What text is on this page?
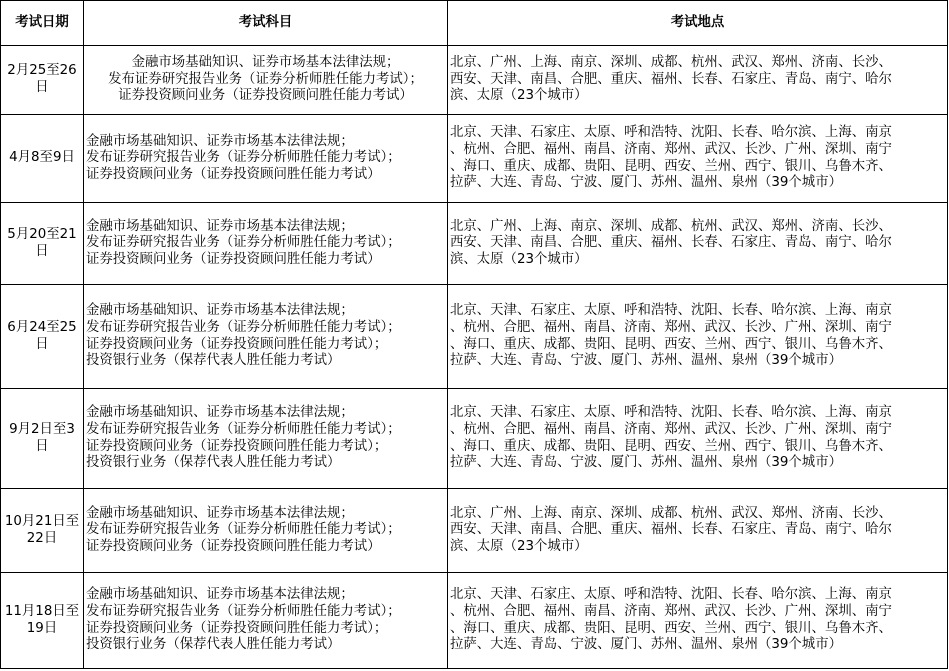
考试日期	考试科目	考试地点
2月25至26日	金融市场基础知识、证券市场基本法律法规；
发布证券研究报告业务（证券分析师胜任能力考试）；
证券投资顾问业务（证券投资顾问胜任能力考试）	北京、广州、上海、南京、深圳、成都、杭州、武汉、郑州、济南、长沙、
西安、天津、南昌、合肥、重庆、福州、长春、石家庄、青岛、南宁、哈尔
滨、太原（23个城市）

4月8至9日	金融市场基础知识、证券市场基本法律法规；
发布证券研究报告业务（证券分析师胜任能力考试）；
证券投资顾问业务（证券投资顾问胜任能力考试）	北京、天津、石家庄、太原、呼和浩特、沈阳、长春、哈尔滨、上海、南京
、杭州、合肥、福州、南昌、济南、郑州、武汉、长沙、广州、深圳、南宁
、海口、重庆、成都、贵阳、昆明、西安、兰州、西宁、银川、乌鲁木齐、
拉萨、大连、青岛、宁波、厦门、苏州、温州、泉州（39个城市）

5月20至21日	金融市场基础知识、证券市场基本法律法规；
发布证券研究报告业务（证券分析师胜任能力考试）；
证券投资顾问业务（证券投资顾问胜任能力考试）	北京、广州、上海、南京、深圳、成都、杭州、武汉、郑州、济南、长沙、
西安、天津、南昌、合肥、重庆、福州、长春、石家庄、青岛、南宁、哈尔
滨、太原（23个城市）

6月24至25日	金融市场基础知识、证券市场基本法律法规；
发布证券研究报告业务（证券分析师胜任能力考试）；
证券投资顾问业务（证券投资顾问胜任能力考试）；
投资银行业务（保荐代表人胜任能力考试）	北京、天津、石家庄、太原、呼和浩特、沈阳、长春、哈尔滨、上海、南京
、杭州、合肥、福州、南昌、济南、郑州、武汉、长沙、广州、深圳、南宁
、海口、重庆、成都、贵阳、昆明、西安、兰州、西宁、银川、乌鲁木齐、
拉萨、大连、青岛、宁波、厦门、苏州、温州、泉州（39个城市）

9月2日至3日	金融市场基础知识、证券市场基本法律法规；
发布证券研究报告业务（证券分析师胜任能力考试）；
证券投资顾问业务（证券投资顾问胜任能力考试）；
投资银行业务（保荐代表人胜任能力考试）	北京、天津、石家庄、太原、呼和浩特、沈阳、长春、哈尔滨、上海、南京
、杭州、合肥、福州、南昌、济南、郑州、武汉、长沙、广州、深圳、南宁
、海口、重庆、成都、贵阳、昆明、西安、兰州、西宁、银川、乌鲁木齐、
拉萨、大连、青岛、宁波、厦门、苏州、温州、泉州（39个城市）

10月21日至22日	金融市场基础知识、证券市场基本法律法规；
发布证券研究报告业务（证券分析师胜任能力考试）；
证券投资顾问业务（证券投资顾问胜任能力考试）	北京、广州、上海、南京、深圳、成都、杭州、武汉、郑州、济南、长沙、
西安、天津、南昌、合肥、重庆、福州、长春、石家庄、青岛、南宁、哈尔
滨、太原（23个城市）

11月18日至19日	金融市场基础知识、证券市场基本法律法规；
发布证券研究报告业务（证券分析师胜任能力考试）；
证券投资顾问业务（证券投资顾问胜任能力考试）；
投资银行业务（保荐代表人胜任能力考试）	北京、天津、石家庄、太原、呼和浩特、沈阳、长春、哈尔滨、上海、南京
、杭州、合肥、福州、南昌、济南、郑州、武汉、长沙、广州、深圳、南宁
、海口、重庆、成都、贵阳、昆明、西安、兰州、西宁、银川、乌鲁木齐、
拉萨、大连、青岛、宁波、厦门、苏州、温州、泉州（39个城市）
